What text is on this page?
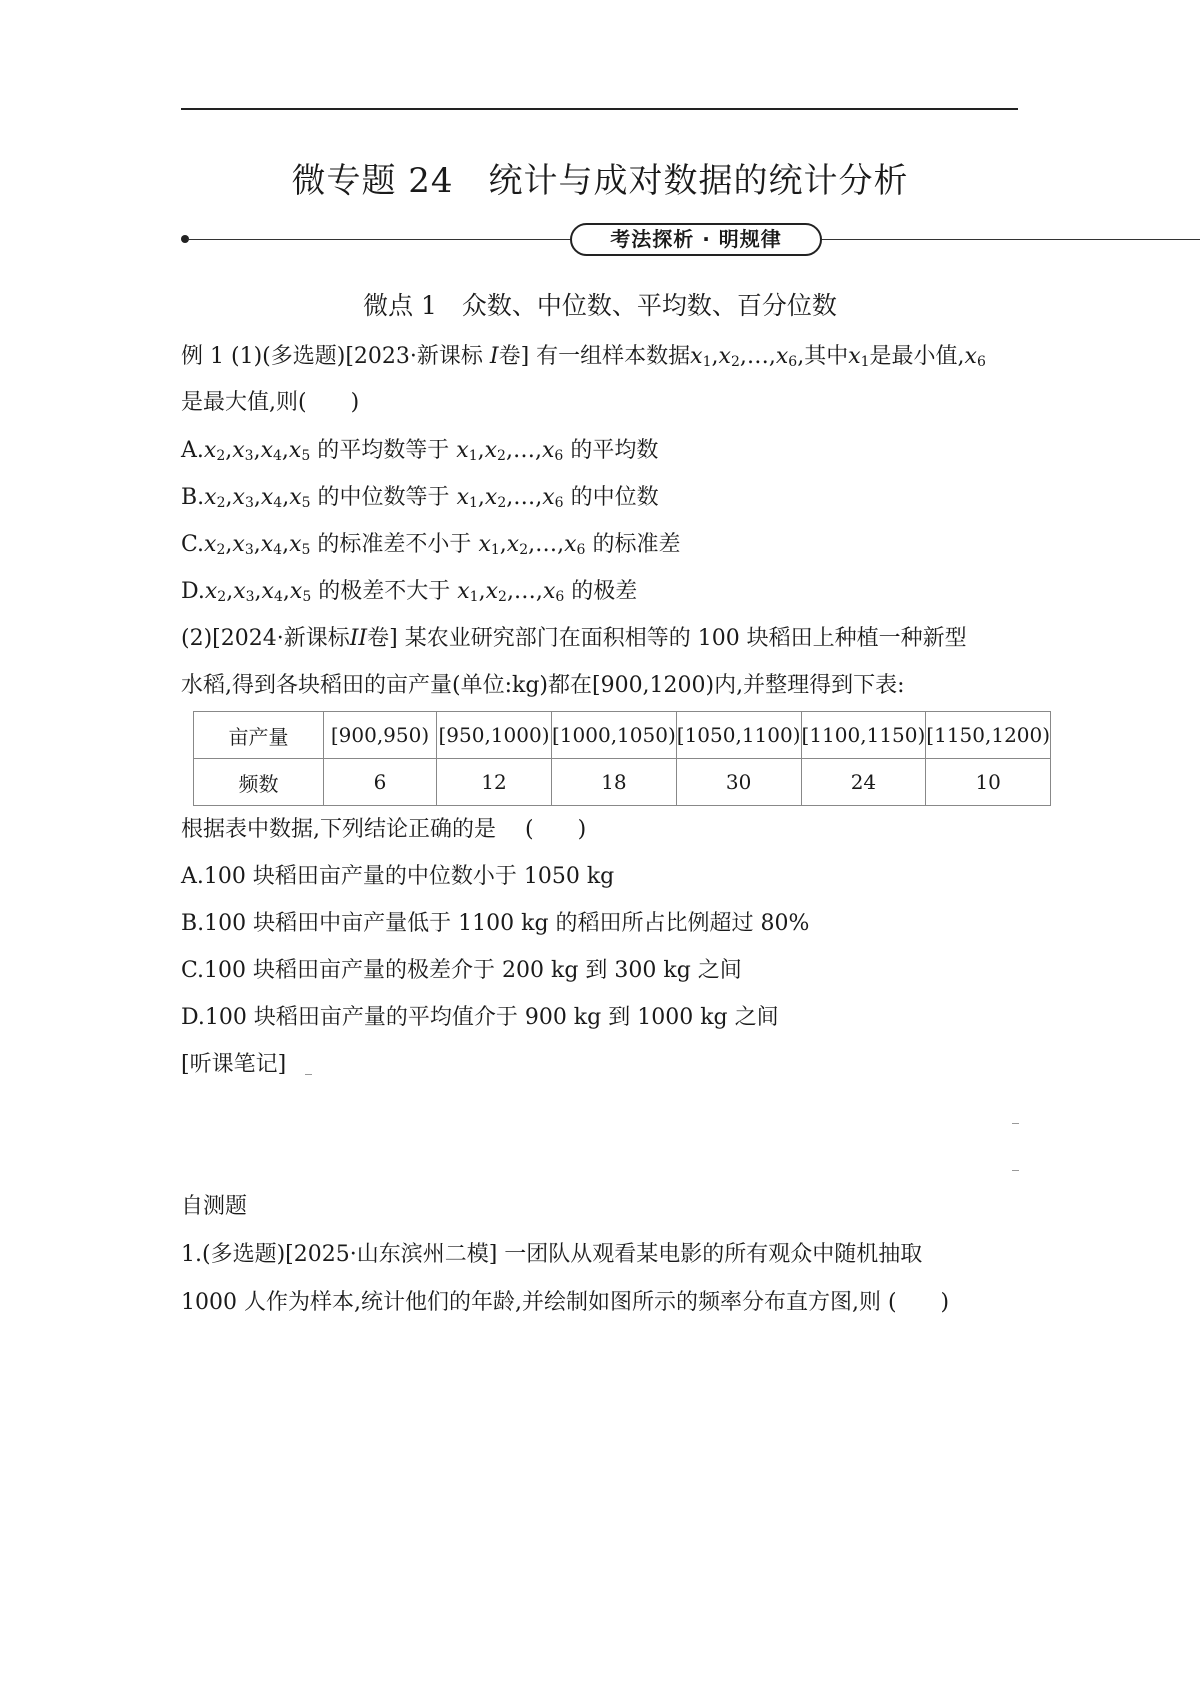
微专题 24　统计与成对数据的统计分析
考法探析 · 明规律
微点 1　众数、中位数、平均数、百分位数
例 1 (1)(多选题)[2023·新课标 I卷] 有一组样本数据$x_1,x_2,\dots,x_6$,其中$x_1$是最小值$,x_6$
是最大值,则(　　)
$A.x_2,x_3,x_4,x_5$ 的平均数等于 $x_1,x_2,\dots,x_6$ 的平均数
$B.x_2,x_3,x_4,x_5$ 的中位数等于 $x_1,x_2,\dots,x_6$ 的中位数
$C.x_2,x_3,x_4,x_5$ 的标准差不小于 $x_1,x_2,\dots,x_6$ 的标准差
$D.x_2,x_3,x_4,x_5$ 的极差不大于 $x_1,x_2,\dots,x_6$ 的极差
(2)[2024·新课标II卷] 某农业研究部门在面积相等的 100 块稻田上种植一种新型
水稻,得到各块稻田的亩产量(单位:kg)都在[900,1200)内,并整理得到下表:
亩产量	[900,950)	[950,1000)	[1000,1050)	[1050,1100)	[1100,1150)	[1150,1200)
频数	6	12	18	30	24	10
根据表中数据,下列结论正确的是　 (　　)
A.100 块稻田亩产量的中位数小于 1050 kg
B.100 块稻田中亩产量低于 1100 kg 的稻田所占比例超过 80%
C.100 块稻田亩产量的极差介于 200 kg 到 300 kg 之间
D.100 块稻田亩产量的平均值介于 900 kg 到 1000 kg 之间
[听课笔记]
自测题
1.(多选题)[2025·山东滨州二模] 一团队从观看某电影的所有观众中随机抽取
1000 人作为样本,统计他们的年龄,并绘制如图所示的频率分布直方图,则 (　　)
